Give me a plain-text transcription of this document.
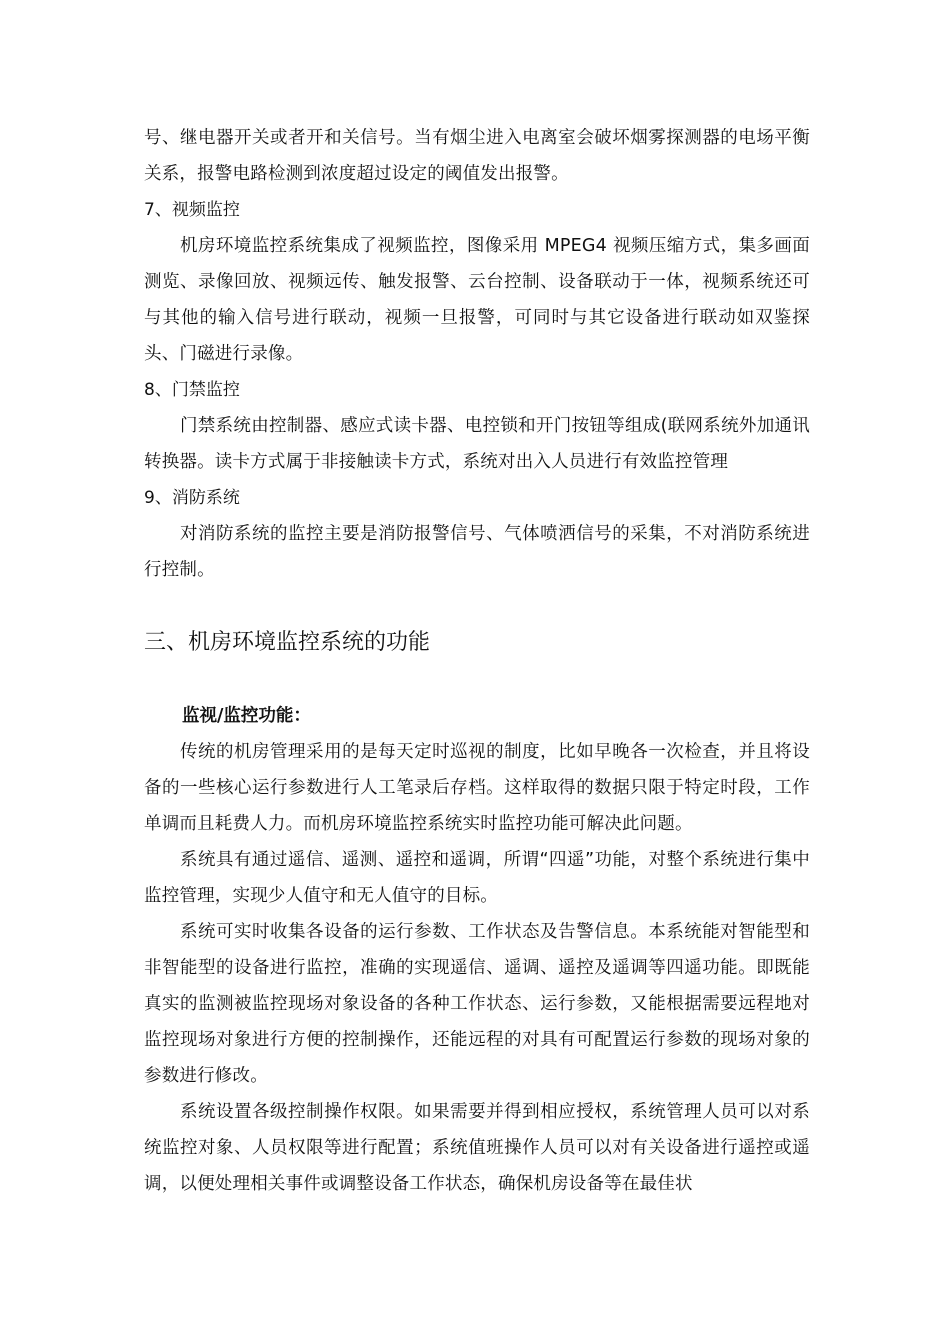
号、继电器开关或者开和关信号。当有烟尘进入电离室会破坏烟雾探测器的电场平衡关系，报警电路检测到浓度超过设定的阈值发出报警。

7、视频监控

机房环境监控系统集成了视频监控，图像采用 MPEG4 视频压缩方式，集多画面测览、录像回放、视频远传、触发报警、云台控制、设备联动于一体，视频系统还可与其他的输入信号进行联动，视频一旦报警，可同时与其它设备进行联动如双鉴探头、门磁进行录像。

8、门禁监控

门禁系统由控制器、感应式读卡器、电控锁和开门按钮等组成(联网系统外加通讯转换器。读卡方式属于非接触读卡方式，系统对出入人员进行有效监控管理

9、消防系统

对消防系统的监控主要是消防报警信号、气体喷洒信号的采集，不对消防系统进行控制。

三、机房环境监控系统的功能

监视/监控功能：

传统的机房管理采用的是每天定时巡视的制度，比如早晚各一次检查，并且将设备的一些核心运行参数进行人工笔录后存档。这样取得的数据只限于特定时段，工作单调而且耗费人力。而机房环境监控系统实时监控功能可解决此问题。

系统具有通过遥信、遥测、遥控和遥调，所谓“四遥”功能，对整个系统进行集中监控管理，实现少人值守和无人值守的目标。

系统可实时收集各设备的运行参数、工作状态及告警信息。本系统能对智能型和非智能型的设备进行监控，准确的实现遥信、遥调、遥控及遥调等四遥功能。即既能真实的监测被监控现场对象设备的各种工作状态、运行参数，又能根据需要远程地对监控现场对象进行方便的控制操作，还能远程的对具有可配置运行参数的现场对象的参数进行修改。

系统设置各级控制操作权限。如果需要并得到相应授权，系统管理人员可以对系统监控对象、人员权限等进行配置；系统值班操作人员可以对有关设备进行遥控或遥调，以便处理相关事件或调整设备工作状态，确保机房设备等在最佳状
